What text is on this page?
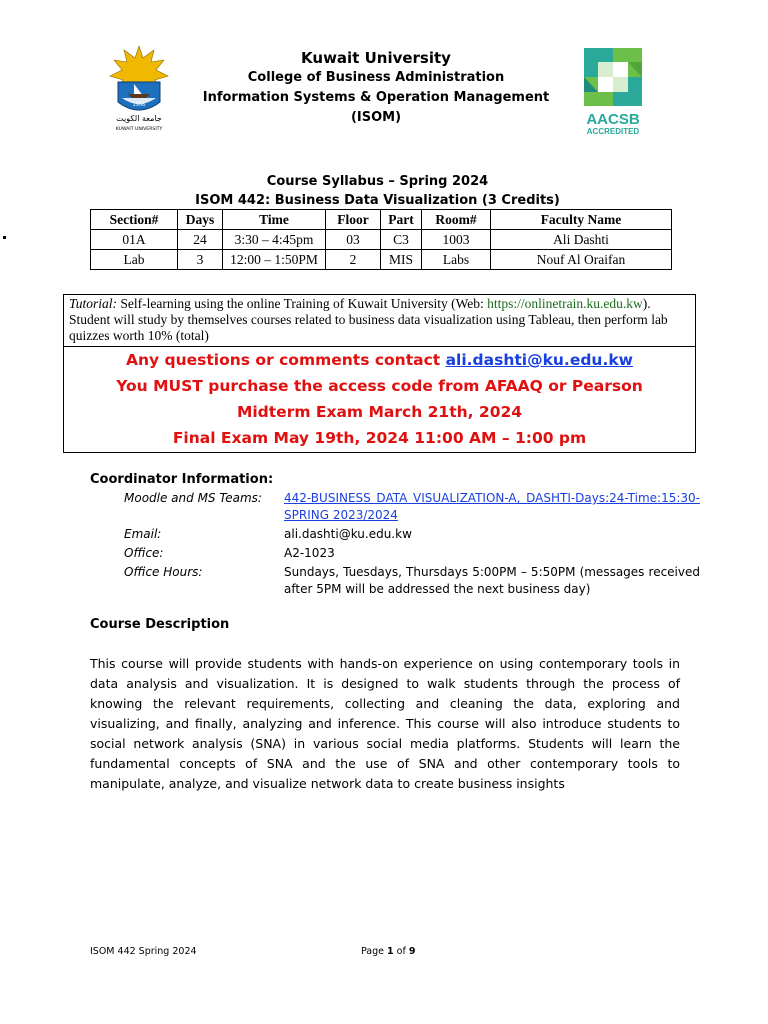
1966
جامعة الكويت
KUWAIT UNIVERSITY
Kuwait University
College of Business Administration
Information Systems & Operation Management
(ISOM)	AACSB
ACCREDITED
Course Syllabus – Spring 2024
ISOM 442: Business Data Visualization (3 Credits)
Section#	Days	Time	Floor	Part	Room#	Faculty Name
01A	24	3:30 – 4:45pm	03	C3	1003	Ali Dashti
Lab	3	12:00 – 1:50PM	2	MIS	Labs	Nouf Al Oraifan
Tutorial: Self-learning using the online Training of Kuwait University (Web: https://onlinetrain.ku.edu.kw). Student will study by themselves courses related to business data visualization using Tableau, then perform lab quizzes worth 10% (total)
Any questions or comments contact ali.dashti@ku.edu.kw
You MUST purchase the access code from AFAAQ or Pearson
Midterm Exam March 21th, 2024
Final Exam May 19th, 2024 11:00 AM – 1:00 pm
Coordinator Information:
Moodle and MS Teams:	442-BUSINESS DATA VISUALIZATION-A, DASHTI-Days:24-Time:15:30-SPRING 2023/2024
Email:	ali.dashti@ku.edu.kw
Office:	A2-1023
Office Hours:	Sundays, Tuesdays, Thursdays 5:00PM – 5:50PM (messages received after 5PM will be addressed the next business day)
Course Description
This course will provide students with hands-on experience on using contemporary tools in data analysis and visualization. It is designed to walk students through the process of knowing the relevant requirements, collecting and cleaning the data, exploring and visualizing, and finally, analyzing and inference. This course will also introduce students to social network analysis (SNA) in various social media platforms. Students will learn the fundamental concepts of SNA and the use of SNA and other contemporary tools to manipulate, analyze, and visualize network data to create business insights
ISOM 442 Spring 2024	Page 1 of 9
